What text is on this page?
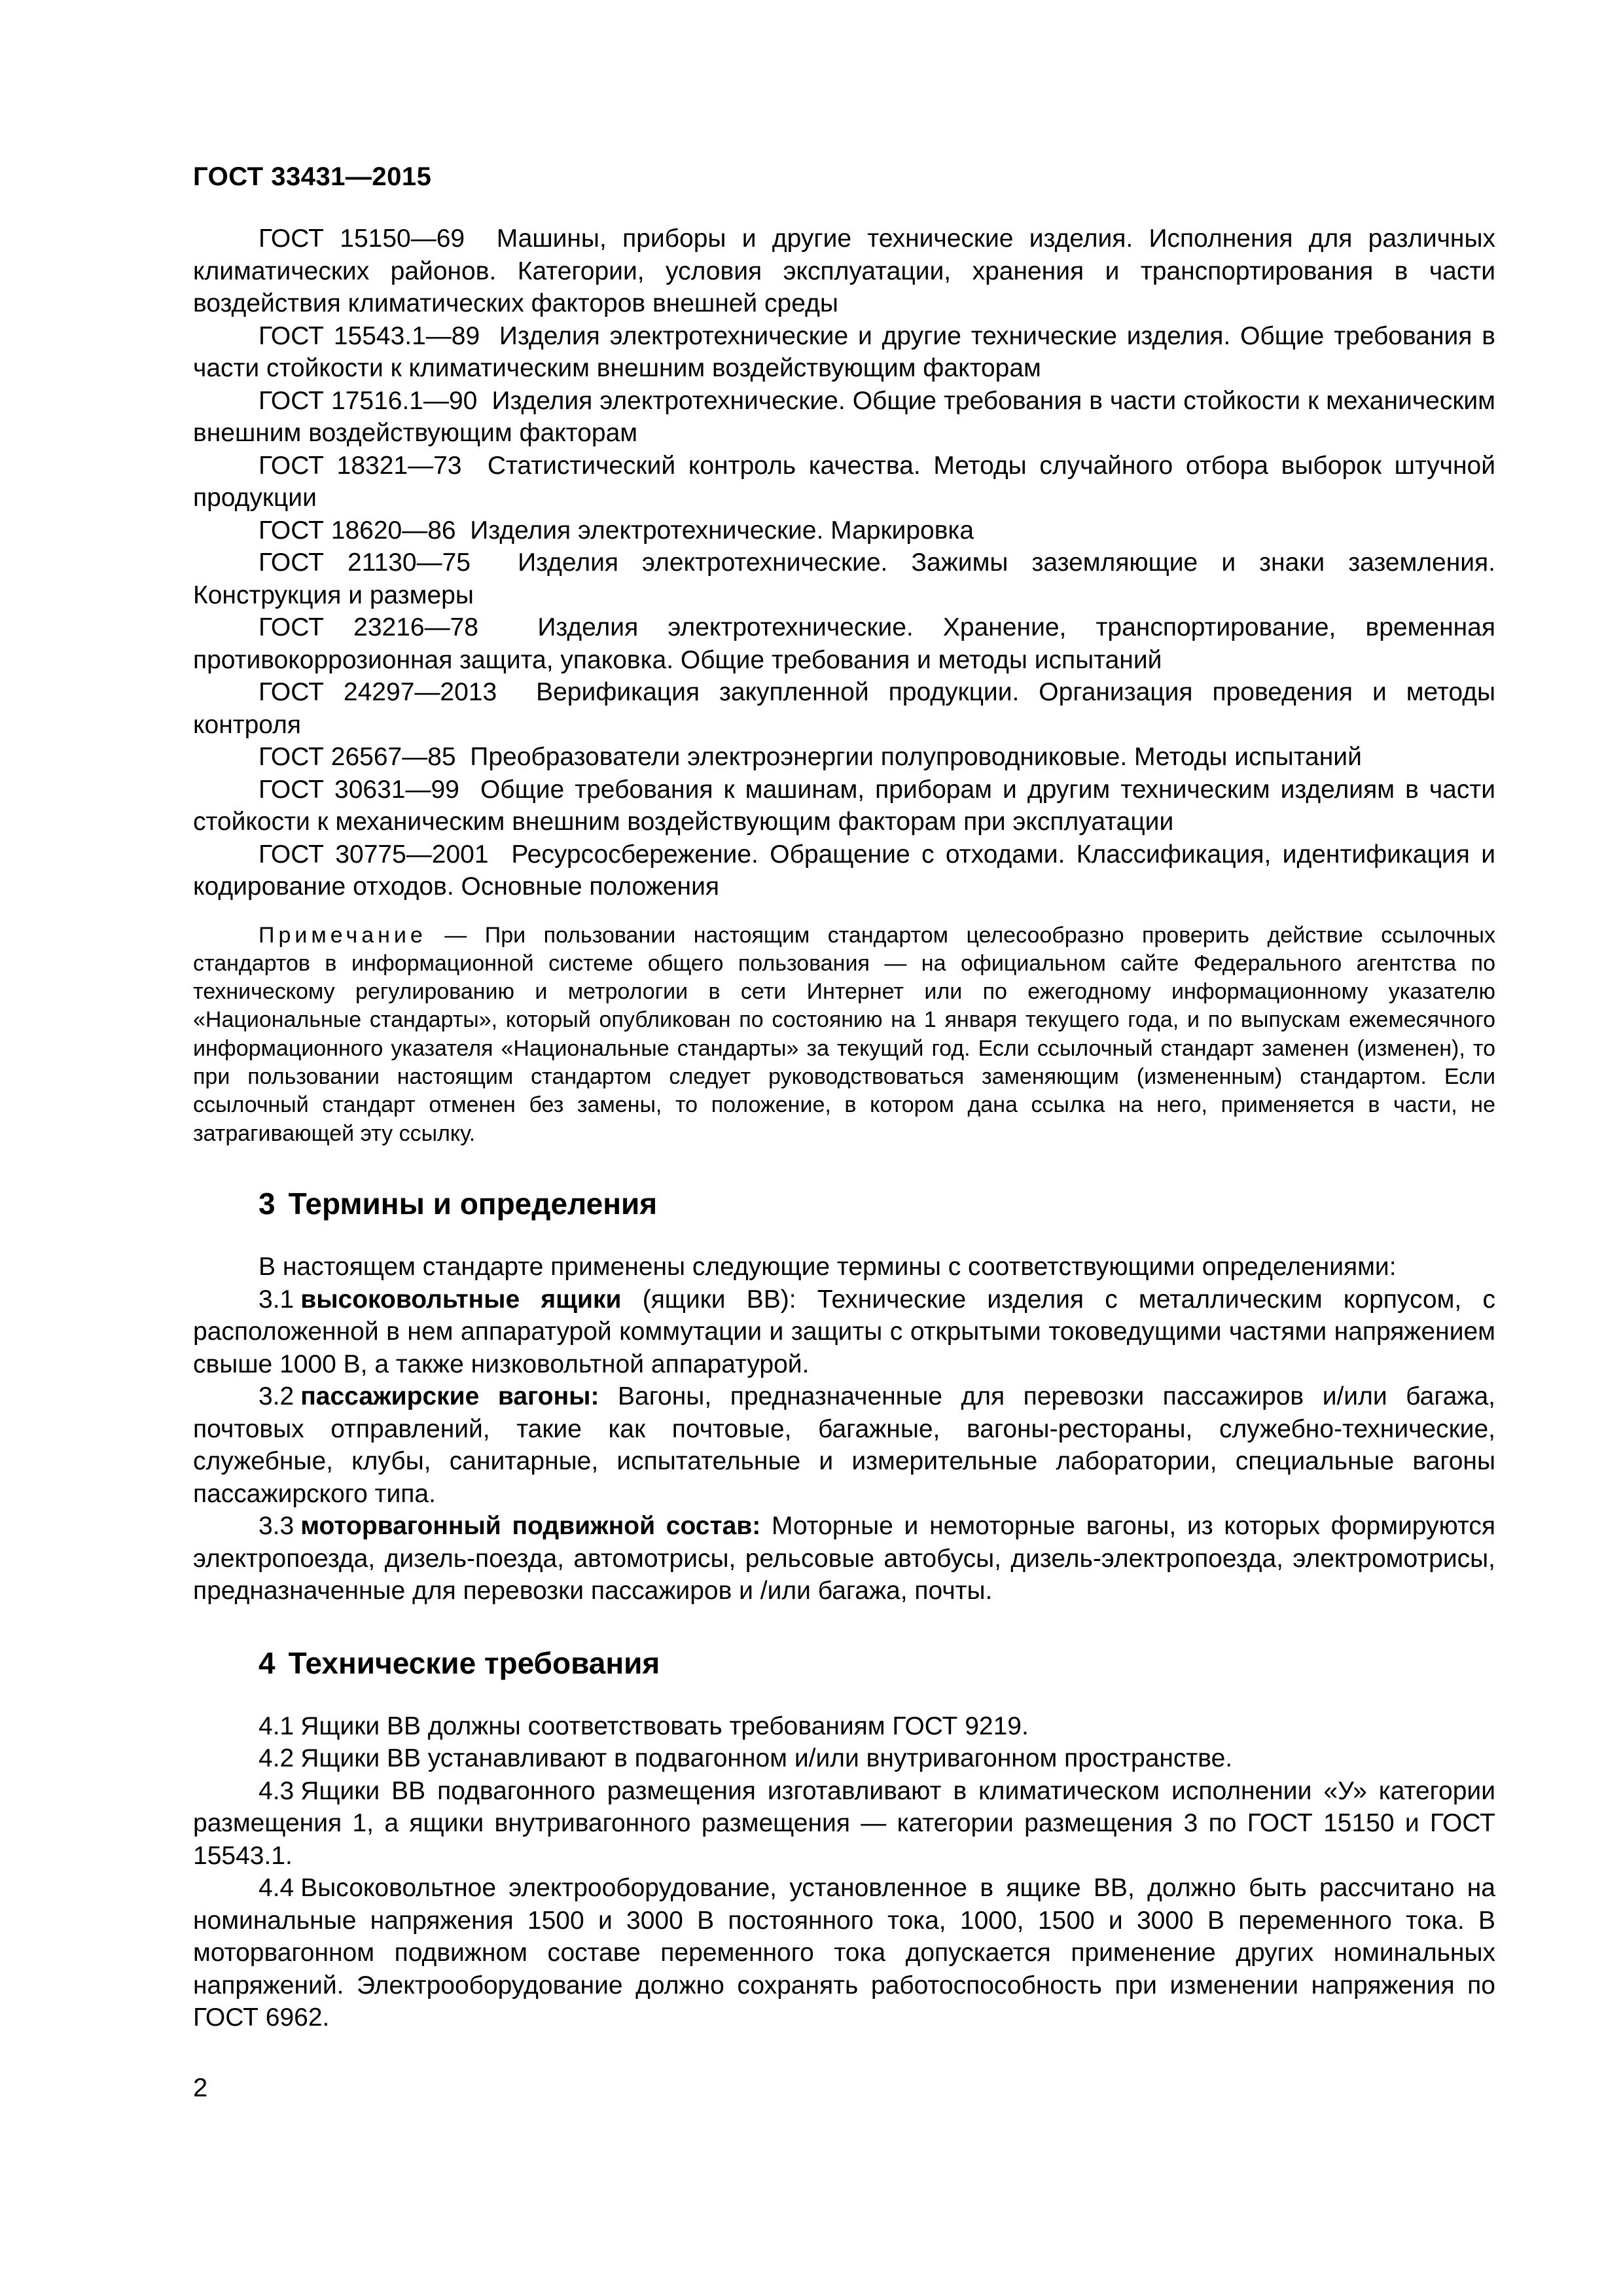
ГОСТ 33431—2015

ГОСТ 15150—69 Машины, приборы и другие технические изделия. Исполнения для различных климатических районов. Категории, условия эксплуатации, хранения и транспортирования в части воздействия климатических факторов внешней среды

ГОСТ 15543.1—89 Изделия электротехнические и другие технические изделия. Общие требования в части стойкости к климатическим внешним воздействующим факторам

ГОСТ 17516.1—90 Изделия электротехнические. Общие требования в части стойкости к механическим внешним воздействующим факторам

ГОСТ 18321—73 Статистический контроль качества. Методы случайного отбора выборок штучной продукции

ГОСТ 18620—86 Изделия электротехнические. Маркировка

ГОСТ 21130—75 Изделия электротехнические. Зажимы заземляющие и знаки заземления. Конструкция и размеры

ГОСТ 23216—78 Изделия электротехнические. Хранение, транспортирование, временная противокоррозионная защита, упаковка. Общие требования и методы испытаний

ГОСТ 24297—2013 Верификация закупленной продукции. Организация проведения и методы контроля

ГОСТ 26567—85 Преобразователи электроэнергии полупроводниковые. Методы испытаний

ГОСТ 30631—99 Общие требования к машинам, приборам и другим техническим изделиям в части стойкости к механическим внешним воздействующим факторам при эксплуатации

ГОСТ 30775—2001 Ресурсосбережение. Обращение с отходами. Классификация, идентификация и кодирование отходов. Основные положения

Примечание — При пользовании настоящим стандартом целесообразно проверить действие ссылочных стандартов в информационной системе общего пользования — на официальном сайте Федерального агентства по техническому регулированию и метрологии в сети Интернет или по ежегодному информационному указателю «Национальные стандарты», который опубликован по состоянию на 1 января текущего года, и по выпускам ежемесячного информационного указателя «Национальные стандарты» за текущий год. Если ссылочный стандарт заменен (изменен), то при пользовании настоящим стандартом следует руководствоваться заменяющим (измененным) стандартом. Если ссылочный стандарт отменен без замены, то положение, в котором дана ссылка на него, применяется в части, не затрагивающей эту ссылку.

3 Термины и определения

В настоящем стандарте применены следующие термины с соответствующими определениями:

3.1 высоковольтные ящики (ящики ВВ): Технические изделия с металлическим корпусом, с расположенной в нем аппаратурой коммутации и защиты с открытыми токоведущими частями напряжением свыше 1000 В, а также низковольтной аппаратурой.

3.2 пассажирские вагоны: Вагоны, предназначенные для перевозки пассажиров и/или багажа, почтовых отправлений, такие как почтовые, багажные, вагоны-рестораны, служебно-технические, служебные, клубы, санитарные, испытательные и измерительные лаборатории, специальные вагоны пассажирского типа.

3.3 моторвагонный подвижной состав: Моторные и немоторные вагоны, из которых формируются электропоезда, дизель-поезда, автомотрисы, рельсовые автобусы, дизель-электропоезда, электромотрисы, предназначенные для перевозки пассажиров и /или багажа, почты.

4 Технические требования

4.1 Ящики ВВ должны соответствовать требованиям ГОСТ 9219.

4.2 Ящики ВВ устанавливают в подвагонном и/или внутривагонном пространстве.

4.3 Ящики ВВ подвагонного размещения изготавливают в климатическом исполнении «У» категории размещения 1, а ящики внутривагонного размещения — категории размещения 3 по ГОСТ 15150 и ГОСТ 15543.1.

4.4 Высоковольтное электрооборудование, установленное в ящике ВВ, должно быть рассчитано на номинальные напряжения 1500 и 3000 В постоянного тока, 1000, 1500 и 3000 В переменного тока. В моторвагонном подвижном составе переменного тока допускается применение других номинальных напряжений. Электрооборудование должно сохранять работоспособность при изменении напряжения по ГОСТ 6962.

2
